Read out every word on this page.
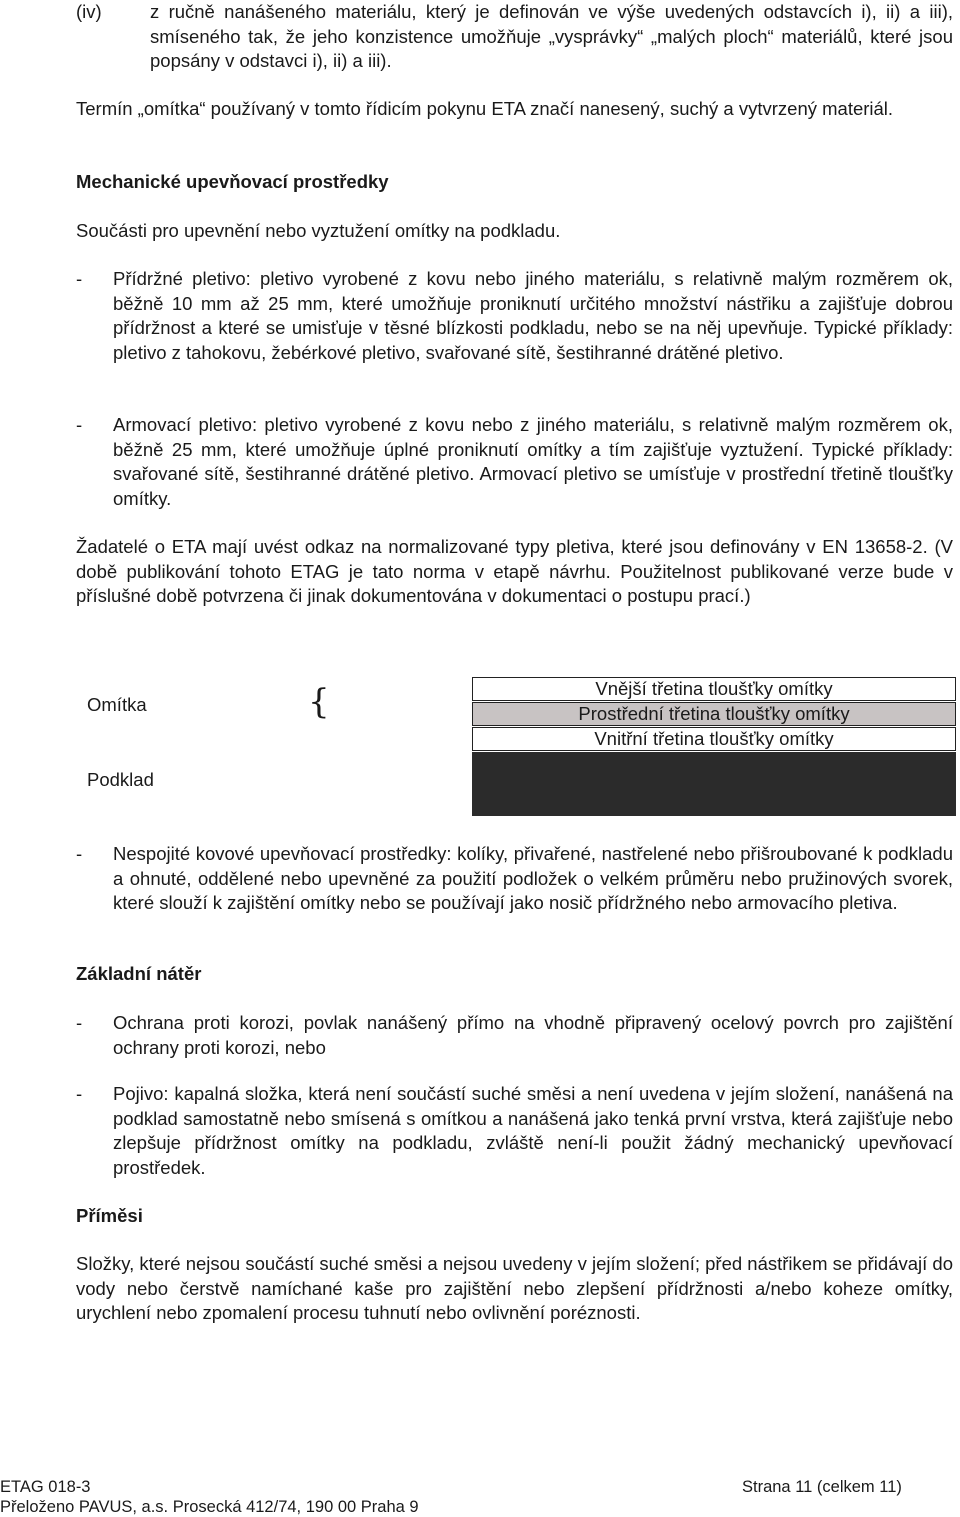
(iv)	z ručně nanášeného materiálu, který je definován ve výše uvedených odstavcích i), ii) a iii), smíseného tak, že jeho konzistence umožňuje „vysprávky“ „malých ploch“ materiálů, které jsou popsány v odstavci i), ii) a iii).
Termín „omítka“ používaný v tomto řídicím pokynu ETA značí nanesený, suchý a vytvrzený materiál.
Mechanické upevňovací prostředky
Součásti pro upevnění nebo vyztužení omítky na podkladu.
- Přídržné pletivo: pletivo vyrobené z kovu nebo jiného materiálu, s relativně malým rozměrem ok, běžně 10 mm až 25 mm, které umožňuje proniknutí určitého množství nástřiku a zajišťuje dobrou přídržnost a které se umisťuje v těsné blízkosti podkladu, nebo se na něj upevňuje. Typické příklady: pletivo z tahokovu, žebérkové pletivo, svařované sítě, šestihranné drátěné pletivo.
- Armovací pletivo: pletivo vyrobené z kovu nebo z jiného materiálu, s relativně malým rozměrem ok, běžně 25 mm, které umožňuje úplné proniknutí omítky a tím zajišťuje vyztužení. Typické příklady: svařované sítě, šestihranné drátěné pletivo. Armovací pletivo se umísťuje v prostřední třetině tloušťky omítky.
Žadatelé o ETA mají uvést odkaz na normalizované typy pletiva, které jsou definovány v EN 13658-2. (V době publikování tohoto ETAG je tato norma v etapě návrhu. Použitelnost publikované verze bude v příslušné době potvrzena či jinak dokumentována v dokumentaci o postupu prací.)
Omítka	{
Podklad
Vnější třetina tloušťky omítky
Prostřední třetina tloušťky omítky
Vnitřní třetina tloušťky omítky
- Nespojité kovové upevňovací prostředky: kolíky, přivařené, nastřelené nebo přišroubované k podkladu a ohnuté, oddělené nebo upevněné za použití podložek o velkém průměru nebo pružinových svorek, které slouží k zajištění omítky nebo se používají jako nosič přídržného nebo armovacího pletiva.
Základní nátěr
- Ochrana proti korozi, povlak nanášený přímo na vhodně připravený ocelový povrch pro zajištění ochrany proti korozi, nebo
- Pojivo: kapalná složka, která není součástí suché směsi a není uvedena v jejím složení, nanášená na podklad samostatně nebo smísená s omítkou a nanášená jako tenká první vrstva, která zajišťuje nebo zlepšuje přídržnost omítky na podkladu, zvláště není-li použit žádný mechanický upevňovací prostředek.
Příměsi
Složky, které nejsou součástí suché směsi a nejsou uvedeny v jejím složení; před nástřikem se přidávají do vody nebo čerstvě namíchané kaše pro zajištění nebo zlepšení přídržnosti a/nebo koheze omítky, urychlení nebo zpomalení procesu tuhnutí nebo ovlivnění poréznosti.
ETAG 018-3	Strana 11 (celkem 11)
Přeloženo PAVUS, a.s. Prosecká 412/74, 190 00 Praha 9
